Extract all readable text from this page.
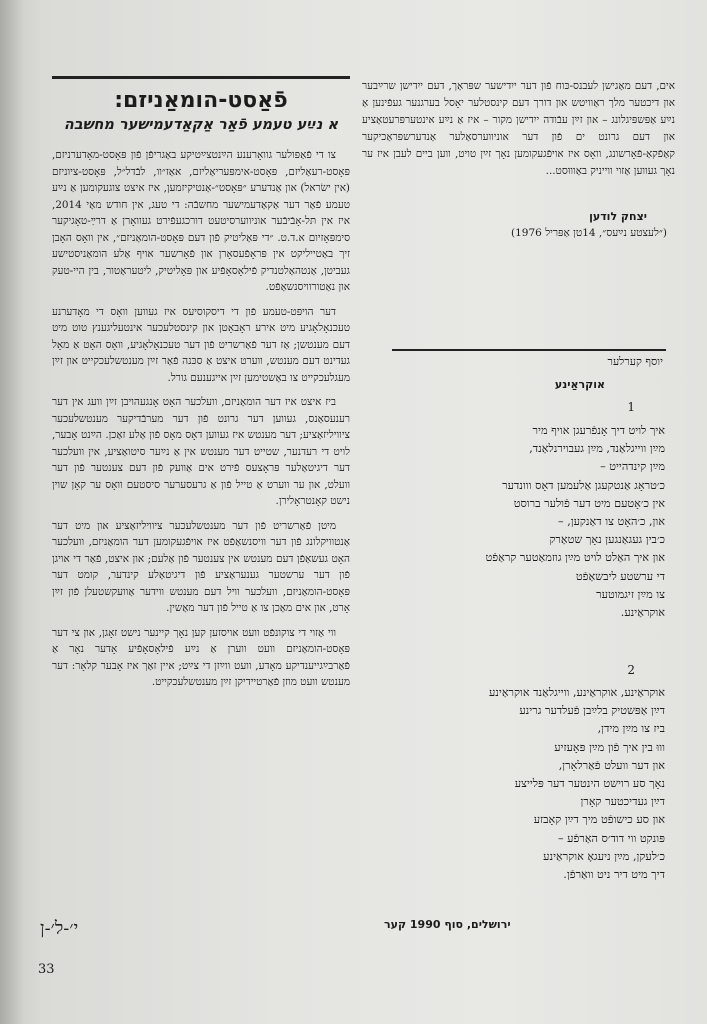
פֿאַסט-הומאַניזם:

א נײַע טעמע פֿאַר אַקאַדעמישער מחשבה

צו די פֿאַפּולער גוואָרענע הײַנטצײַטיקע באַגריפֿן פֿון פּאָסט-מאָדערניזם, פּאָסט-רעאַליזם, פּאָסט-אימפּעריאַליזם, אאַז״וו, לבֿדל״ל, פּאָסט-ציוניזם (אין ישׂראל) און אַנדערע ״פּאָסט״-אַנטיקיזמען, איז איצט צוגעקומען אַ נײַע טעמע פֿאַר דער אַקאַדעמישער מחשבֿה: די טעג, אין חודש מאַי 2014, איז אין תּל-אָבֿיבֿער אוניווערסיטעט דורכגעפֿירט געוואָרן אַ דרײַ-טאָגיקער סימפּאָזיום א.ד.ט. ״די פּאַליטיק פֿון דעם פּאָסט-הומאַניזם״, אין וואָס האָבן זיך באַטייליקט אין פּראָפֿעסאָרן און פֿאָרשער אויף אַלע הומאַניסטישע געביטן, אַנטהאַלטנדיק פֿילאָסאָפֿיע און פּאָליטיק, ליטעראַטור, בין היי-טעק און נאַטורוויסנשאַפֿט.

דער הויפּט-טעמע פֿון די דיסקוסיעס איז געווען וואָס די מאָדערנע טעכנאָלאָגיע מיט אירע ראָבאָטן און קינסטלעכער אינטעליגענץ טוט מיט דעם מענטשן; אַז דער פֿאַרשריט פֿון דער טעכנאָלאָגיע, וואָס האָט אַ מאָל געדינט דעם מענטש, ווערט איצט אַ סכּנה פֿאַר זײַן מענטשלעכקייט און זײַן מעגלעכקייט צו באַשטימען זײַן אייגענעם גורל.

ביז איצט איז דער הומאַניזם, וועלכער האָט אָנגעהויבן זײַן וועג אין דער רענעסאַנס, געווען דער גרונט פֿון דער מערבֿדיקער מענטשלעכער ציוויליזאַציע; דער מענטש איז געווען דאָס מאָס פֿון אַלע זאַכן. הײַנט אָבער, לויט די רעדנער, שטייט דער מענטש אין אַ נײַער סיטואַציע, אין וועלכער דער דיגיטאַלער פּראָצעס פֿירט אים אַוועק פֿון דעם צענטער פֿון דער וועלט, און ער ווערט אַ טייל פֿון אַ גרעסערער סיסטעם וואָס ער קאָן שוין נישט קאָנטראָלירן.

מיטן פֿאַרשריט פֿון דער מענטשלעכער ציוויליזאַציע און מיט דער אַנטוויקלונג פֿון דער וויסנשאַפֿט איז אויפֿגעקומען דער הומאַניזם, וועלכער האָט געשאַפֿן דעם מענטש אין צענטער פֿון אַלעם; און איצט, פֿאַר די אויגן פֿון דער ערשטער גענעראַציע פֿון דיגיטאַלע קינדער, קומט דער פּאָסט-הומאַניזם, וועלכער וויל דעם מענטש ווידער אַוועקשטעלן פֿון זײַן אָרט, און אים מאַכן צו אַ טייל פֿון דער מאַשין.

ווי אַזוי די צוקונפֿט וועט אויסזען קען נאָך קיינער נישט זאָגן, און צי דער פּאָסט-הומאַניזם וועט ווערן אַ נײַע פֿילאָסאָפֿיע אָדער נאָר אַ פֿאַרבײַגייענדיקע מאָדע, וועט ווײַזן די צײַט; איין זאַך איז אָבער קלאָר: דער מענטש וועט מוזן פֿאַרטיידיקן זײַן מענטשלעכקייט.

אים, דעם מאַגישן לעבנס-כּוח פֿון דער ייִדישער שפּראַך, דעם ייִדישן שרײַבער און דיכטער מלך ראַוויטש און דורך דעם קינסטלער יאָסל בערגנער געפֿינען אַ נײַע אַפּשפּיגלונג – און זײַן עבֿודה ייִדישן מקור – איז אַ נײַע אינטערפּרעטאַציע און דעם גרונט ים פֿון דער אוניווערסאַלער אַנדערשפּראַכיקער קאַפֿקאַ-פֿאָרשונג, וואָס איז אויפֿגעקומען נאָך זײַן טויט, ווען ביים לעבן איז ער נאָך געווען אַזוי ווייניק באַוווּסט...

יצחק לודען

(״לעצטע נײַעס״, 14טן אַפּריל 1976)

יוסף קערלער

אוקראַינע

1

איך לויט דיך אָנפֿרעגן אויף מיר

מײַן ווייגלאַנד, מײַן געבוירנלאַנד,

מײַן קינדהייט –

כ׳טראָג אַנטקעגן אַלעמען דאָס ווונדער

אין כ׳אָטעם מיט דער פֿולער ברוסט

און, כ׳האָט צו דאַנקען, –

כ׳בין געגאַנגען נאָך שטאַרק

און איך האַלט לויט מײַן גוזמאַטער קראַפֿט

די ערשטע ליבשאַפֿט

צו מײַן זיגמוטער

אוקראַינע.

2

אוקראַינע, אוקראַינע, ווייגלאַנד אוקראַינע

דײַן אַפּשטיק בלײַבן פֿעלדער גרינע

ביז צו מײַן מידן,

וווּ בין איך פֿון מײַן פּאָעזיע

און דער וועלט פֿאַרלאָרן,

נאָך סע רוישט הינטער דער פּלייצע

דײַן געדיכטער קאָרן

און סע כישופֿט מיך דײַן קאָבזע

פּונקט ווי דוד׳ס האַרפֿע –

כ׳לעקן, מײַן ניעגאָ אוקראַינע

דיך מיט דיר ניט וואַרפֿן.

ירושלים, סוף 1990 קער

י׳-ל׳-ן

33
